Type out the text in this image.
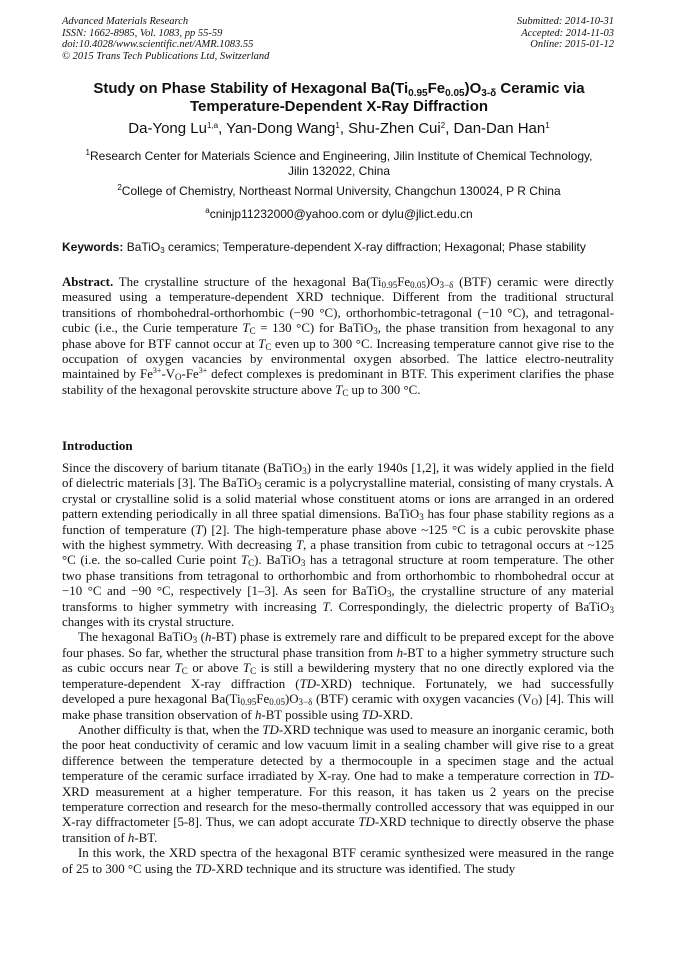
Advanced Materials Research
ISSN: 1662-8985, Vol. 1083, pp 55-59
doi:10.4028/www.scientific.net/AMR.1083.55
© 2015 Trans Tech Publications Ltd, Switzerland
Submitted: 2014-10-31
Accepted: 2014-11-03
Online: 2015-01-12
Study on Phase Stability of Hexagonal $Ba(Ti_{0.95}Fe_{0.05})O_{3-\delta}$ Ceramic via
Temperature-Dependent X-Ray Diffraction
Da-Yong Lu$^{1,a}$, Yan-Dong Wang$^1$, Shu-Zhen Cui$^2$, Dan-Dan Han$^1$
$^1$Research Center for Materials Science and Engineering, Jilin Institute of Chemical Technology,
Jilin 132022, China
$^2$College of Chemistry, Northeast Normal University, Changchun 130024, P R China
$^a$cninjp11232000@yahoo.com or dylu@jlict.edu.cn
Keywords: BaTiO$_3$ ceramics; Temperature-dependent X-ray diffraction; Hexagonal; Phase stability

Abstract. The crystalline structure of the hexagonal $Ba(Ti_{0.95}Fe_{0.05})O_{3-\delta}$ (BTF) ceramic were directly measured using a temperature-dependent XRD technique. Different from the traditional structural transitions of rhombohedral-orthorhombic (−90 °C), orthorhombic-tetragonal (−10 °C), and tetragonal-cubic (i.e., the Curie temperature $T_C = 130$ °C) for BaTiO$_3$, the phase transition from hexagonal to any phase above for BTF cannot occur at $T_C$ even up to 300 °C. Increasing temperature cannot give rise to the occupation of oxygen vacancies by environmental oxygen absorbed. The lattice electro-neutrality maintained by $Fe^{3+}-V_O-Fe^{3+}$ defect complexes is predominant in BTF. This experiment clarifies the phase stability of the hexagonal perovskite structure above $T_C$ up to 300 °C.

Introduction

Since the discovery of barium titanate (BaTiO$_3$) in the early 1940s [1,2], it was widely applied in the field of dielectric materials [3]. The BaTiO$_3$ ceramic is a polycrystalline material, consisting of many crystals. A crystal or crystalline solid is a solid material whose constituent atoms or ions are arranged in an ordered pattern extending periodically in all three spatial dimensions. BaTiO$_3$ has four phase stability regions as a function of temperature (T) [2]. The high-temperature phase above ~125 °C is a cubic perovskite phase with the highest symmetry. With decreasing T, a phase transition from cubic to tetragonal occurs at ~125 °C (i.e. the so-called Curie point $T_C$). BaTiO$_3$ has a tetragonal structure at room temperature. The other two phase transitions from tetragonal to orthorhombic and from orthorhombic to rhombohedral occur at −10 °C and −90 °C, respectively [1–3]. As seen for BaTiO$_3$, the crystalline structure of any material transforms to higher symmetry with increasing T. Correspondingly, the dielectric property of BaTiO$_3$ changes with its crystal structure.

The hexagonal BaTiO$_3$ (h-BT) phase is extremely rare and difficult to be prepared except for the above four phases. So far, whether the structural phase transition from h-BT to a higher symmetry structure such as cubic occurs near $T_C$ or above $T_C$ is still a bewildering mystery that no one directly explored via the temperature-dependent X-ray diffraction (TD-XRD) technique. Fortunately, we had successfully developed a pure hexagonal $Ba(Ti_{0.95}Fe_{0.05})O_{3-\delta}$ (BTF) ceramic with oxygen vacancies $(V_O)$ [4]. This will make phase transition observation of h-BT possible using TD-XRD.

Another difficulty is that, when the TD-XRD technique was used to measure an inorganic ceramic, both the poor heat conductivity of ceramic and low vacuum limit in a sealing chamber will give rise to a great difference between the temperature detected by a thermocouple in a specimen stage and the actual temperature of the ceramic surface irradiated by X-ray. One had to make a temperature correction in TD-XRD measurement at a higher temperature. For this reason, it has taken us 2 years on the precise temperature correction and research for the meso-thermally controlled accessory that was equipped in our X-ray diffractometer [5-8]. Thus, we can adopt accurate TD-XRD technique to directly observe the phase transition of h-BT.

In this work, the XRD spectra of the hexagonal BTF ceramic synthesized were measured in the range of 25 to 300 °C using the TD-XRD technique and its structure was identified. The study
